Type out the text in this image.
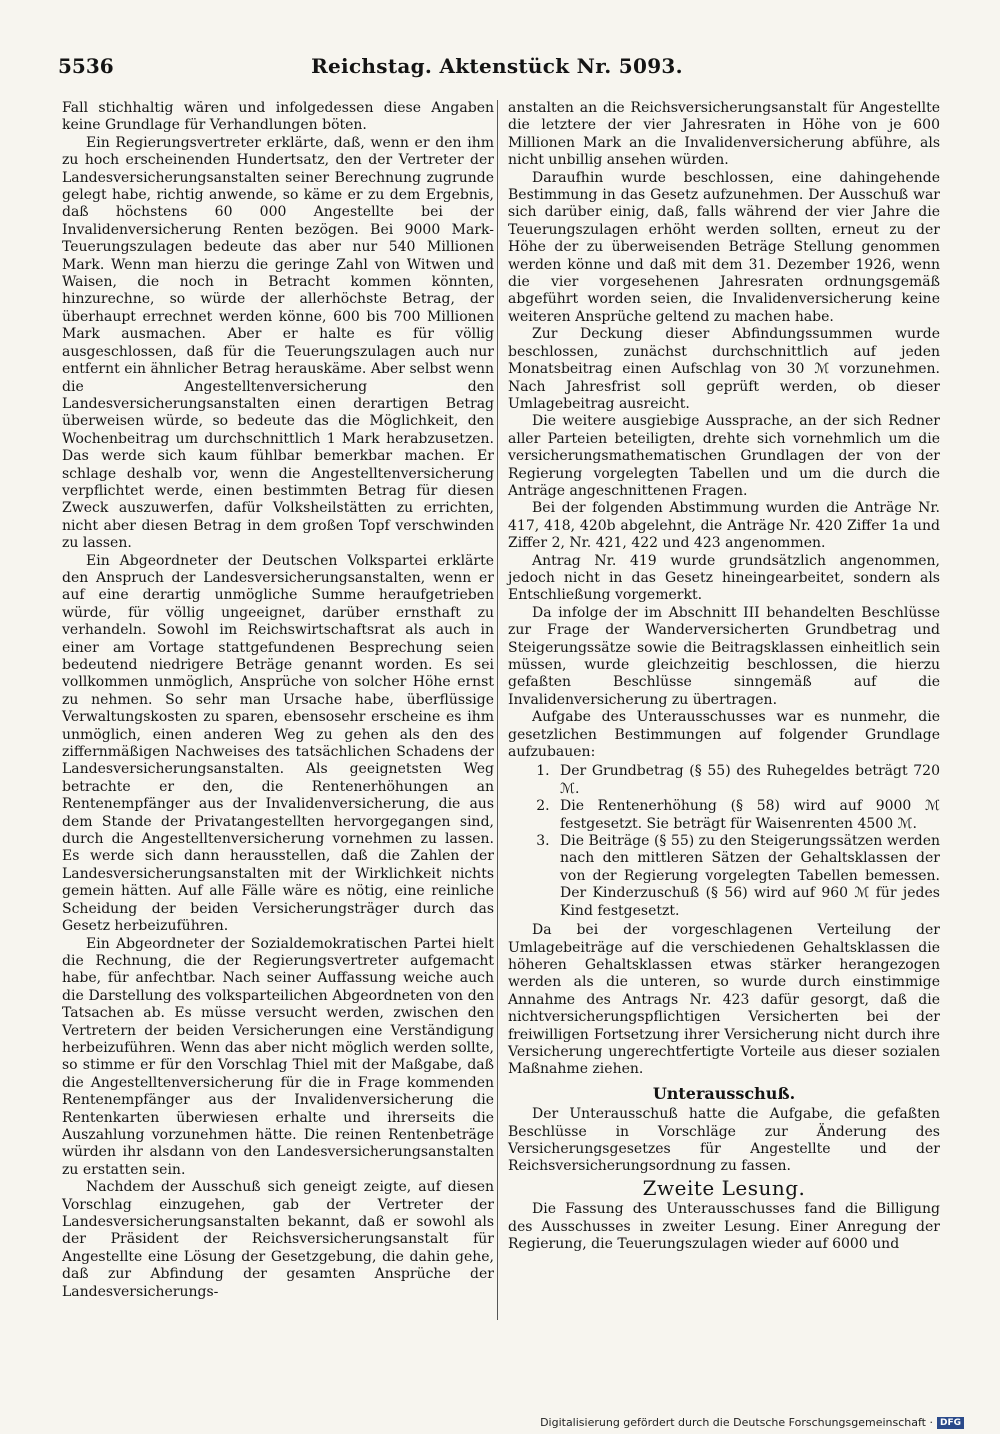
5536	Reichstag. Aktenstück Nr. 5093.

Fall stichhaltig wären und infolgedessen diese Angaben keine Grundlage für Verhandlungen böten.

Ein Regierungsvertreter erklärte, daß, wenn er den ihm zu hoch erscheinenden Hundertsatz, den der Vertreter der Landesversicherungsanstalten seiner Berechnung zugrunde gelegt habe, richtig anwende, so käme er zu dem Ergebnis, daß höchstens 60 000 Angestellte bei der Invalidenversicherung Renten bezögen. Bei 9000 Mark-Teuerungszulagen bedeute das aber nur 540 Millionen Mark. Wenn man hierzu die geringe Zahl von Witwen und Waisen, die noch in Betracht kommen könnten, hinzurechne, so würde der allerhöchste Betrag, der überhaupt errechnet werden könne, 600 bis 700 Millionen Mark ausmachen. Aber er halte es für völlig ausgeschlossen, daß für die Teuerungszulagen auch nur entfernt ein ähnlicher Betrag herauskäme. Aber selbst wenn die Angestelltenversicherung den Landesversicherungsanstalten einen derartigen Betrag überweisen würde, so bedeute das die Möglichkeit, den Wochenbeitrag um durchschnittlich 1 Mark herabzusetzen. Das werde sich kaum fühlbar bemerkbar machen. Er schlage deshalb vor, wenn die Angestelltenversicherung verpflichtet werde, einen bestimmten Betrag für diesen Zweck auszuwerfen, dafür Volksheilstätten zu errichten, nicht aber diesen Betrag in dem großen Topf verschwinden zu lassen.

Ein Abgeordneter der Deutschen Volkspartei erklärte den Anspruch der Landesversicherungsanstalten, wenn er auf eine derartig unmögliche Summe heraufgetrieben würde, für völlig ungeeignet, darüber ernsthaft zu verhandeln. Sowohl im Reichswirtschaftsrat als auch in einer am Vortage stattgefundenen Besprechung seien bedeutend niedrigere Beträge genannt worden. Es sei vollkommen unmöglich, Ansprüche von solcher Höhe ernst zu nehmen. So sehr man Ursache habe, überflüssige Verwaltungskosten zu sparen, ebensosehr erscheine es ihm unmöglich, einen anderen Weg zu gehen als den des ziffernmäßigen Nachweises des tatsächlichen Schadens der Landesversicherungsanstalten. Als geeignetsten Weg betrachte er den, die Rentenerhöhungen an Rentenempfänger aus der Invalidenversicherung, die aus dem Stande der Privatangestellten hervorgegangen sind, durch die Angestelltenversicherung vornehmen zu lassen. Es werde sich dann herausstellen, daß die Zahlen der Landesversicherungsanstalten mit der Wirklichkeit nichts gemein hätten. Auf alle Fälle wäre es nötig, eine reinliche Scheidung der beiden Versicherungsträger durch das Gesetz herbeizuführen.

Ein Abgeordneter der Sozialdemokratischen Partei hielt die Rechnung, die der Regierungsvertreter aufgemacht habe, für anfechtbar. Nach seiner Auffassung weiche auch die Darstellung des volksparteilichen Abgeordneten von den Tatsachen ab. Es müsse versucht werden, zwischen den Vertretern der beiden Versicherungen eine Verständigung herbeizuführen. Wenn das aber nicht möglich werden sollte, so stimme er für den Vorschlag Thiel mit der Maßgabe, daß die Angestelltenversicherung für die in Frage kommenden Rentenempfänger aus der Invalidenversicherung die Rentenkarten überwiesen erhalte und ihrerseits die Auszahlung vorzunehmen hätte. Die reinen Rentenbeträge würden ihr alsdann von den Landesversicherungsanstalten zu erstatten sein.

Nachdem der Ausschuß sich geneigt zeigte, auf diesen Vorschlag einzugehen, gab der Vertreter der Landesversicherungsanstalten bekannt, daß er sowohl als der Präsident der Reichsversicherungsanstalt für Angestellte eine Lösung der Gesetzgebung, die dahin gehe, daß zur Abfindung der gesamten Ansprüche der Landesversicherungs-

anstalten an die Reichsversicherungsanstalt für Angestellte die letztere der vier Jahresraten in Höhe von je 600 Millionen Mark an die Invalidenversicherung abführe, als nicht unbillig ansehen würden.

Daraufhin wurde beschlossen, eine dahingehende Bestimmung in das Gesetz aufzunehmen. Der Ausschuß war sich darüber einig, daß, falls während der vier Jahre die Teuerungszulagen erhöht werden sollten, erneut zu der Höhe der zu überweisenden Beträge Stellung genommen werden könne und daß mit dem 31. Dezember 1926, wenn die vier vorgesehenen Jahresraten ordnungsgemäß abgeführt worden seien, die Invalidenversicherung keine weiteren Ansprüche geltend zu machen habe.

Zur Deckung dieser Abfindungssummen wurde beschlossen, zunächst durchschnittlich auf jeden Monatsbeitrag einen Aufschlag von 30 ℳ vorzunehmen. Nach Jahresfrist soll geprüft werden, ob dieser Umlagebeitrag ausreicht.

Die weitere ausgiebige Aussprache, an der sich Redner aller Parteien beteiligten, drehte sich vornehmlich um die versicherungsmathematischen Grundlagen der von der Regierung vorgelegten Tabellen und um die durch die Anträge angeschnittenen Fragen.

Bei der folgenden Abstimmung wurden die Anträge Nr. 417, 418, 420b abgelehnt, die Anträge Nr. 420 Ziffer 1a und Ziffer 2, Nr. 421, 422 und 423 angenommen.

Antrag Nr. 419 wurde grundsätzlich angenommen, jedoch nicht in das Gesetz hineingearbeitet, sondern als Entschließung vorgemerkt.

Da infolge der im Abschnitt III behandelten Beschlüsse zur Frage der Wanderversicherten Grundbetrag und Steigerungssätze sowie die Beitragsklassen einheitlich sein müssen, wurde gleichzeitig beschlossen, die hierzu gefaßten Beschlüsse sinngemäß auf die Invalidenversicherung zu übertragen.

Aufgabe des Unterausschusses war es nunmehr, die gesetzlichen Bestimmungen auf folgender Grundlage aufzubauen:

1. Der Grundbetrag (§ 55) des Ruhegeldes beträgt 720 ℳ.
2. Die Rentenerhöhung (§ 58) wird auf 9000 ℳ festgesetzt. Sie beträgt für Waisenrenten 4500 ℳ.
3. Die Beiträge (§ 55) zu den Steigerungssätzen werden nach den mittleren Sätzen der Gehaltsklassen der von der Regierung vorgelegten Tabellen bemessen. Der Kinderzuschuß (§ 56) wird auf 960 ℳ für jedes Kind festgesetzt.

Da bei der vorgeschlagenen Verteilung der Umlagebeiträge auf die verschiedenen Gehaltsklassen die höheren Gehaltsklassen etwas stärker herangezogen werden als die unteren, so wurde durch einstimmige Annahme des Antrags Nr. 423 dafür gesorgt, daß die nichtversicherungspflichtigen Versicherten bei der freiwilligen Fortsetzung ihrer Versicherung nicht durch ihre Versicherung ungerechtfertigte Vorteile aus dieser sozialen Maßnahme ziehen.

Unterausschuß.

Der Unterausschuß hatte die Aufgabe, die gefaßten Beschlüsse in Vorschläge zur Änderung des Versicherungsgesetzes für Angestellte und der Reichsversicherungsordnung zu fassen.

Zweite Lesung.

Die Fassung des Unterausschusses fand die Billigung des Ausschusses in zweiter Lesung. Einer Anregung der Regierung, die Teuerungszulagen wieder auf 6000 und

Digitalisierung gefördert durch die Deutsche Forschungsgemeinschaft · DFG
